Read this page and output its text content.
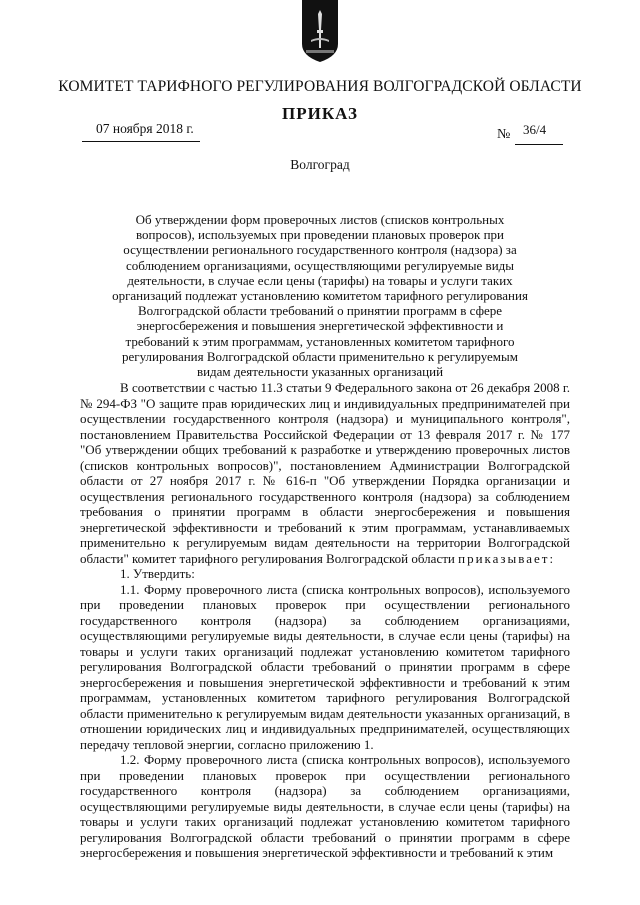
КОМИТЕТ ТАРИФНОГО РЕГУЛИРОВАНИЯ ВОЛГОГРАДСКОЙ ОБЛАСТИ
ПРИКАЗ
07 ноября 2018 г.	№ 36/4
Волгоград
Об утверждении форм проверочных листов (списков контрольных вопросов), используемых при проведении плановых проверок при осуществлении регионального государственного контроля (надзора) за соблюдением организациями, осуществляющими регулируемые виды деятельности, в случае если цены (тарифы) на товары и услуги таких организаций подлежат установлению комитетом тарифного регулирования Волгоградской области требований о принятии программ в сфере энергосбережения и повышения энергетической эффективности и требований к этим программам, установленных комитетом тарифного регулирования Волгоградской области применительно к регулируемым видам деятельности указанных организаций

В соответствии с частью 11.3 статьи 9 Федерального закона от 26 декабря 2008 г. № 294-ФЗ "О защите прав юридических лиц и индивидуальных предпринимателей при осуществлении государственного контроля (надзора) и муниципального контроля", постановлением Правительства Российской Федерации от 13 февраля 2017 г. № 177 "Об утверждении общих требований к разработке и утверждению проверочных листов (списков контрольных вопросов)", постановлением Администрации Волгоградской области от 27 ноября 2017 г. № 616-п "Об утверждении Порядка организации и осуществления регионального государственного контроля (надзора) за соблюдением требования о принятии программ в области энергосбережения и повышения энергетической эффективности и требований к этим программам, устанавливаемых применительно к регулируемым видам деятельности на территории Волгоградской области" комитет тарифного регулирования Волгоградской области приказывает:

1. Утвердить:

1.1. Форму проверочного листа (списка контрольных вопросов), используемого при проведении плановых проверок при осуществлении регионального государственного контроля (надзора) за соблюдением организациями, осуществляющими регулируемые виды деятельности, в случае если цены (тарифы) на товары и услуги таких организаций подлежат установлению комитетом тарифного регулирования Волгоградской области требований о принятии программ в сфере энергосбережения и повышения энергетической эффективности и требований к этим программам, установленных комитетом тарифного регулирования Волгоградской области применительно к регулируемым видам деятельности указанных организаций, в отношении юридических лиц и индивидуальных предпринимателей, осуществляющих передачу тепловой энергии, согласно приложению 1.

1.2. Форму проверочного листа (списка контрольных вопросов), используемого при проведении плановых проверок при осуществлении регионального государственного контроля (надзора) за соблюдением организациями, осуществляющими регулируемые виды деятельности, в случае если цены (тарифы) на товары и услуги таких организаций подлежат установлению комитетом тарифного регулирования Волгоградской области требований о принятии программ в сфере энергосбережения и повышения энергетической эффективности и требований к этим
